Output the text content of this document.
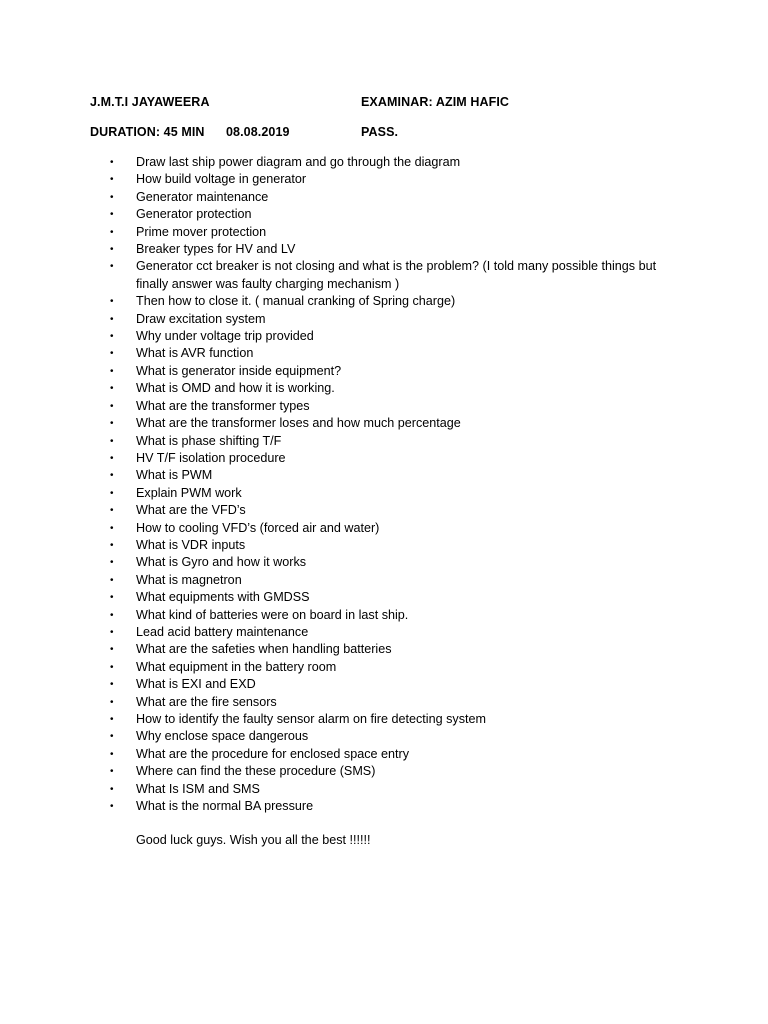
J.M.T.I JAYAWEERA	EXAMINAR: AZIM HAFIC
DURATION: 45 MIN 08.08.2019	PASS.
• Draw last ship power diagram and go through the diagram
• How build voltage in generator
• Generator maintenance
• Generator protection
• Prime mover protection
• Breaker types for HV and LV
• Generator cct breaker is not closing and what is the problem? (I told many possible things but finally answer was faulty charging mechanism )
• Then how to close it. ( manual cranking of Spring charge)
• Draw excitation system
• Why under voltage trip provided
• What is AVR function
• What is generator inside equipment?
• What is OMD and how it is working.
• What are the transformer types
• What are the transformer loses and how much percentage
• What is phase shifting T/F
• HV T/F isolation procedure
• What is PWM
• Explain PWM work
• What are the VFD’s
• How to cooling VFD’s (forced air and water)
• What is VDR inputs
• What is Gyro and how it works
• What is magnetron
• What equipments with GMDSS
• What kind of batteries were on board in last ship.
• Lead acid battery maintenance
• What are the safeties when handling batteries
• What equipment in the battery room
• What is EXI and EXD
• What are the fire sensors
• How to identify the faulty sensor alarm on fire detecting system
• Why enclose space dangerous
• What are the procedure for enclosed space entry
• Where can find the these procedure (SMS)
• What Is ISM and SMS
• What is the normal BA pressure
Good luck guys. Wish you all the best !!!!!!
